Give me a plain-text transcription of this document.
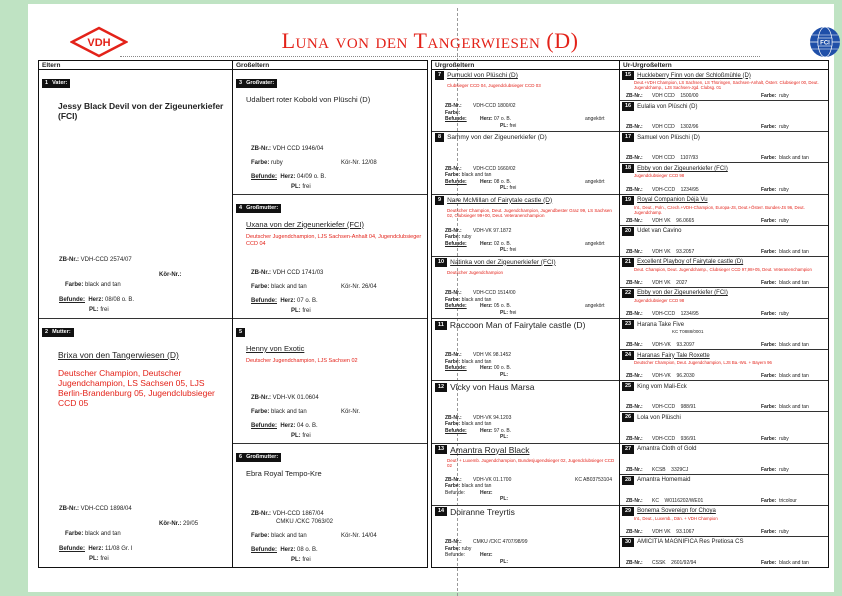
VDH	FCI
Luna von den Tangerwiesen (D)
Eltern
1 Vater:
Jessy Black Devil von der Zigeunerkiefer (FCI)
ZB-Nr.: VDH-CCD 2574/07
Kör-Nr.:
Farbe: black and tan
Befunde: Herz: 08/08 o. B.
PL: frei
2 Mutter:
Brixa von den Tangerwiesen (D)
Deutscher Champion, Deutscher Jugendchampion, LS Sachsen 05, LJS Berlin-Brandenburg 05, Jugendclubsieger CCD 05
ZB-Nr.: VDH-CCD 1898/04
Kör-Nr.: 29/05
Farbe: black and tan
Befunde: Herz: 11/08 Gr. I
PL: frei
Großeltern
3 Großvater:
Udalbert roter Kobold von Plüschi (D)
ZB-Nr.: VDH CCD 1946/04
Farbe: ruby	Kör-Nr.
12/08
Befunde: Herz: 04/09 o. B.
PL: frei
4 Großmutter:
Uxana von der Zigeunerkiefer (FCI)
Deutscher Jugendchampion, LJS Sachsen-Anhalt 04, Jugendclubsieger CCD 04
ZB-Nr.: VDH CCD 1741/03
Farbe: black and tan	Kör-Nr.
26/04
Befunde: Herz: 07 o. B.
PL: frei
5
Henny von Exotic
Deutscher Jugendchampion, LJS Sachsen 02
ZB-Nr.: VDH-VK 01.0604
Farbe: black and tan	Kör-Nr.

Befunde: Herz: 04 o. B.
PL: frei
6 Großmutter:
Ebra Royal Tempo-Kre
ZB-Nr.: VDH-CCD 1867/04
CMKU /CKC 7063/02
Farbe: black and tan	Kör-Nr.
14/04
Befunde: Herz: 08 o. B.
PL: frei
Urgroßeltern
7 Pumuckl von Plüschi (D)
Clubsieger CCD 04, Jugendclubsieger CCD 03
ZB-Nr.:	VDH-CCD 1800/02
Farbe:
Befunde:	Herz: 07 o. B.	angekört
PL: frei
8 Sammy von der Zigeunerkiefer (D)
ZB-Nr.:	VDH-CCD 1660/02
Farbe: black and tan
Befunde:	Herz: 08 o. B.	angekört
PL: frei
9 Nare McMillan of Fairytale castle (D)
Deutscher Champion, Deut. Jugendchampion, Jugendbester Graz 99, LS Sachsen 02, Clubsieger 99+00, Deut. Veteranenchampion
ZB-Nr.:	VDH-VK 97.1872
Farbe: ruby
Befunde:	Herz: 02 o. B.	angekört
PL: frei
10 Natinka von der Zigeunerkiefer (FCI)
Deutscher Jugendchampion
ZB-Nr.:	VDH-CCD 1514/00
Farbe: black and tan
Befunde:	Herz: 05 o. B.	angekört
PL: frei
11 Raccoon Man of Fairytale castle (D)
ZB-Nr.:	VDH VK 98.1452
Farbe: black and tan
Befunde:	Herz: 00 o. B.
PL:
12 Vicky von Haus Marsa
ZB-Nr.:	VDH-VK 94.1203
Farbe: black and tan
Befunde:	Herz: 97 o. B.
PL:
13 Amantra Royal Black
Deut. + Luxemb. Jugendchampion, Bundesjugendsieger 02, Jugendclubsieger CCD 02
ZB-Nr.:	VDH-VK 01.1700	KC AB03753104
Farbe: black and tan
Befunde:	Herz:
PL:
14 Doiranne Treyrtis
ZB-Nr.:	CMKU /CKC 4707/98/99
Farbe: ruby
Befunde:	Herz:
PL:
Ur-Urgroßeltern
15	Huckleberry Finn von der Schloßmühle (D)
Deut.+VDH Champion, LS Sachsen, LS Thüringen, Sachsen-Anhalt, Österr. Clubsieger 00, Deut. Jugendchamp., LJS Sachsen-Jgd. Clubsg. 01
ZB-Nr.:	VDH CCD    1500/00	Farbe:
ruby
16	Eulalia von Plüschi (D)
ZB-Nr.:	VDH CCD    1302/96	Farbe:
ruby
17	Samuel von Plüschi (D)
ZB-Nr.:	VDH CCD    1107/93	Farbe:
black and tan
18	Ebby von der Zigeunerkiefer (FCI)
Jugendclubsieger CCD 98
ZB-Nr.:	VDH-CCD    1234/95	Farbe:
ruby
19	Royal Companion Déjà Vu
Int., Deut., Poln., Czech.+VDH-Champion, Europa-JS, Deut.+Österr. Bundes-JS 96, Deut. Jugendchamp.
ZB-Nr.:	VDH VK    96.0665	Farbe:
ruby
20	Udet van Cavino
ZB-Nr.:	VDH VK    93.2057	Farbe:
black and tan
21	Excellent Playboy of Fairytale castle (D)
Deut. Champion, Deut. Jugendchamp., Clubsieger CCD 97,98+05, Deut. Veteranenchampion
ZB-Nr.:	VDH VK    2027	Farbe:
black and tan
22	Ebby von der Zigeunerkiefer (FCI)
Jugendclubsieger CCD 98
ZB-Nr.:	VDH-CCD    1234/95	Farbe:
ruby
23	Harana Take Five
KC T0888/0001
ZB-Nr.:	VDH-VK    93.2097	Farbe:
black and tan
24	Haranas Fairy Tale Roxette
Deutscher Champion, Deut. Jugendchampion, LJS Ba.-Wü. + Bayern 96
ZB-Nr.:	VDH-VK    96.2030	Farbe:
black and tan
25	King vom Mali-Eck
ZB-Nr.:	VDH-CCD    988/91	Farbe:
black and tan
26	Lola von Plüschi
ZB-Nr.:	VDH-CCD    936/91	Farbe:
ruby
27	Amantra Cloth of Gold
ZB-Nr.:	KCSB    3329CJ	Farbe:
ruby
28	Amantra Homemaid
ZB-Nr.:	KC    W0116202/WE01	Farbe:
tricolour
29	Bonema Sovereign for Choya
Int., Deut., Luxemb., Dän. + VDH Champion
ZB-Nr.:	VDH VK    93.1067	Farbe:
ruby
30	AMICITIA MAGNIFICA Res Pretiosa CS
ZB-Nr.:	CSSK    2601/92/94	Farbe:
black and tan
